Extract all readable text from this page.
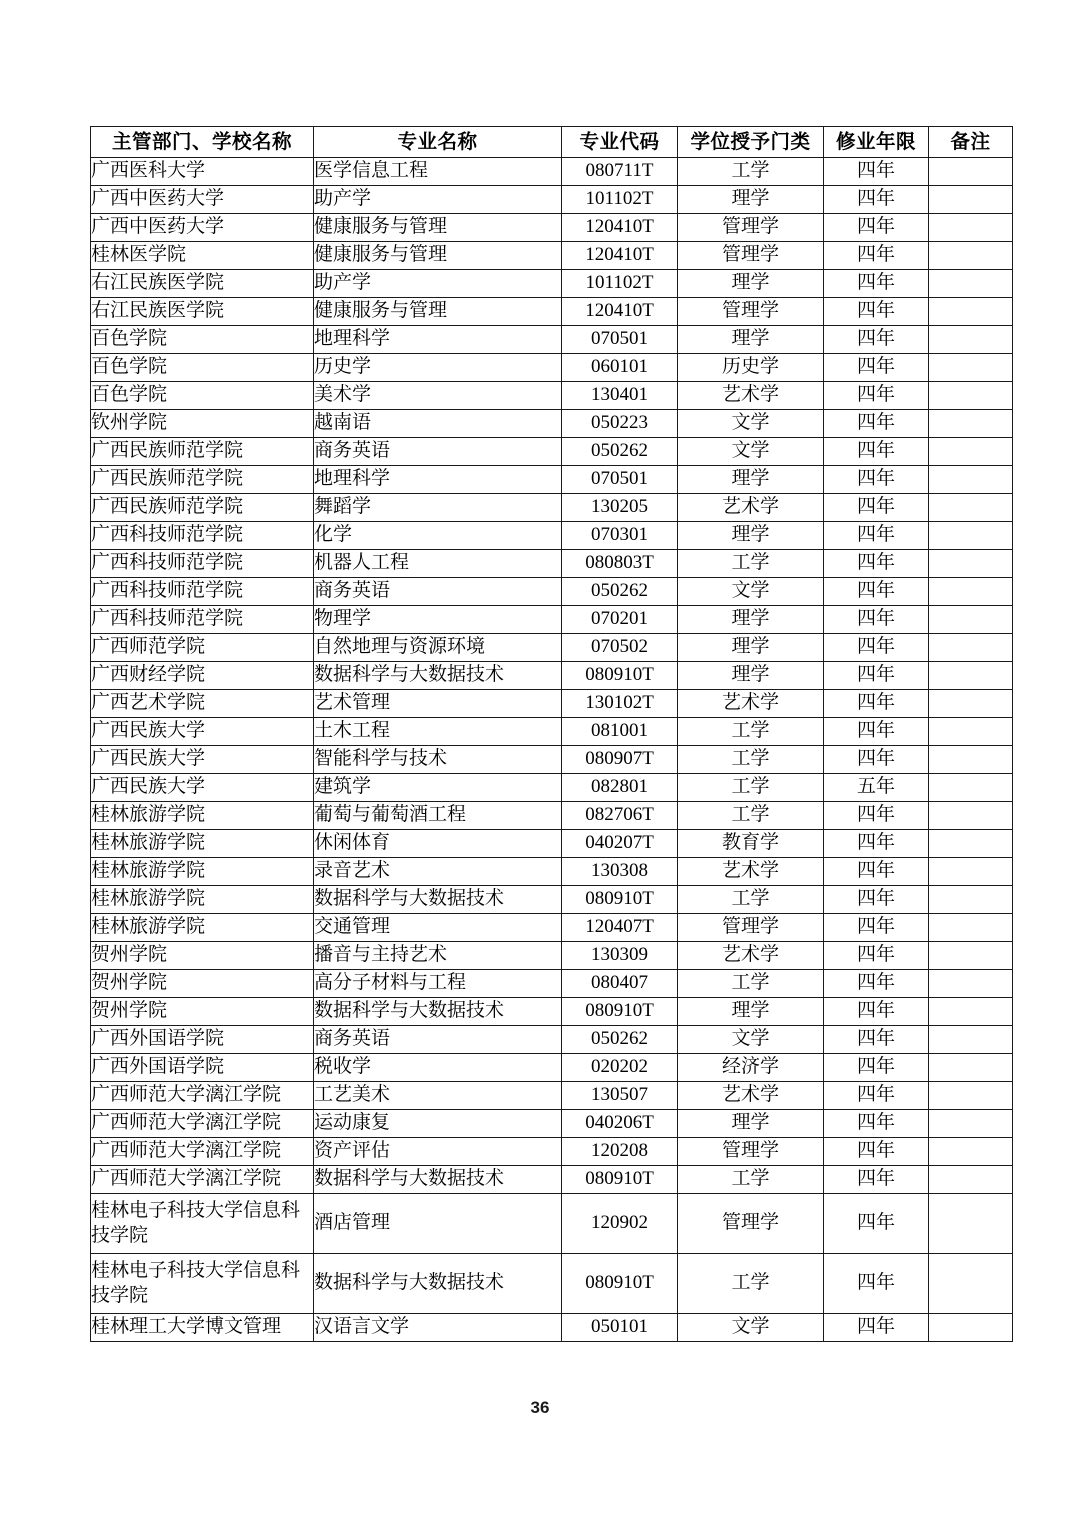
主管部门、学校名称	专业名称	专业代码	学位授予门类	修业年限	备注
广西医科大学	医学信息工程	080711T	工学	四年	
广西中医药大学	助产学	101102T	理学	四年	
广西中医药大学	健康服务与管理	120410T	管理学	四年	
桂林医学院	健康服务与管理	120410T	管理学	四年	
右江民族医学院	助产学	101102T	理学	四年	
右江民族医学院	健康服务与管理	120410T	管理学	四年	
百色学院	地理科学	070501	理学	四年	
百色学院	历史学	060101	历史学	四年	
百色学院	美术学	130401	艺术学	四年	
钦州学院	越南语	050223	文学	四年	
广西民族师范学院	商务英语	050262	文学	四年	
广西民族师范学院	地理科学	070501	理学	四年	
广西民族师范学院	舞蹈学	130205	艺术学	四年	
广西科技师范学院	化学	070301	理学	四年	
广西科技师范学院	机器人工程	080803T	工学	四年	
广西科技师范学院	商务英语	050262	文学	四年	
广西科技师范学院	物理学	070201	理学	四年	
广西师范学院	自然地理与资源环境	070502	理学	四年	
广西财经学院	数据科学与大数据技术	080910T	理学	四年	
广西艺术学院	艺术管理	130102T	艺术学	四年	
广西民族大学	土木工程	081001	工学	四年	
广西民族大学	智能科学与技术	080907T	工学	四年	
广西民族大学	建筑学	082801	工学	五年	
桂林旅游学院	葡萄与葡萄酒工程	082706T	工学	四年	
桂林旅游学院	休闲体育	040207T	教育学	四年	
桂林旅游学院	录音艺术	130308	艺术学	四年	
桂林旅游学院	数据科学与大数据技术	080910T	工学	四年	
桂林旅游学院	交通管理	120407T	管理学	四年	
贺州学院	播音与主持艺术	130309	艺术学	四年	
贺州学院	高分子材料与工程	080407	工学	四年	
贺州学院	数据科学与大数据技术	080910T	理学	四年	
广西外国语学院	商务英语	050262	文学	四年	
广西外国语学院	税收学	020202	经济学	四年	
广西师范大学漓江学院	工艺美术	130507	艺术学	四年	
广西师范大学漓江学院	运动康复	040206T	理学	四年	
广西师范大学漓江学院	资产评估	120208	管理学	四年	
广西师范大学漓江学院	数据科学与大数据技术	080910T	工学	四年	
桂林电子科技大学信息科技学院	酒店管理	120902	管理学	四年	
桂林电子科技大学信息科技学院	数据科学与大数据技术	080910T	工学	四年	
桂林理工大学博文管理	汉语言文学	050101	文学	四年	
36
